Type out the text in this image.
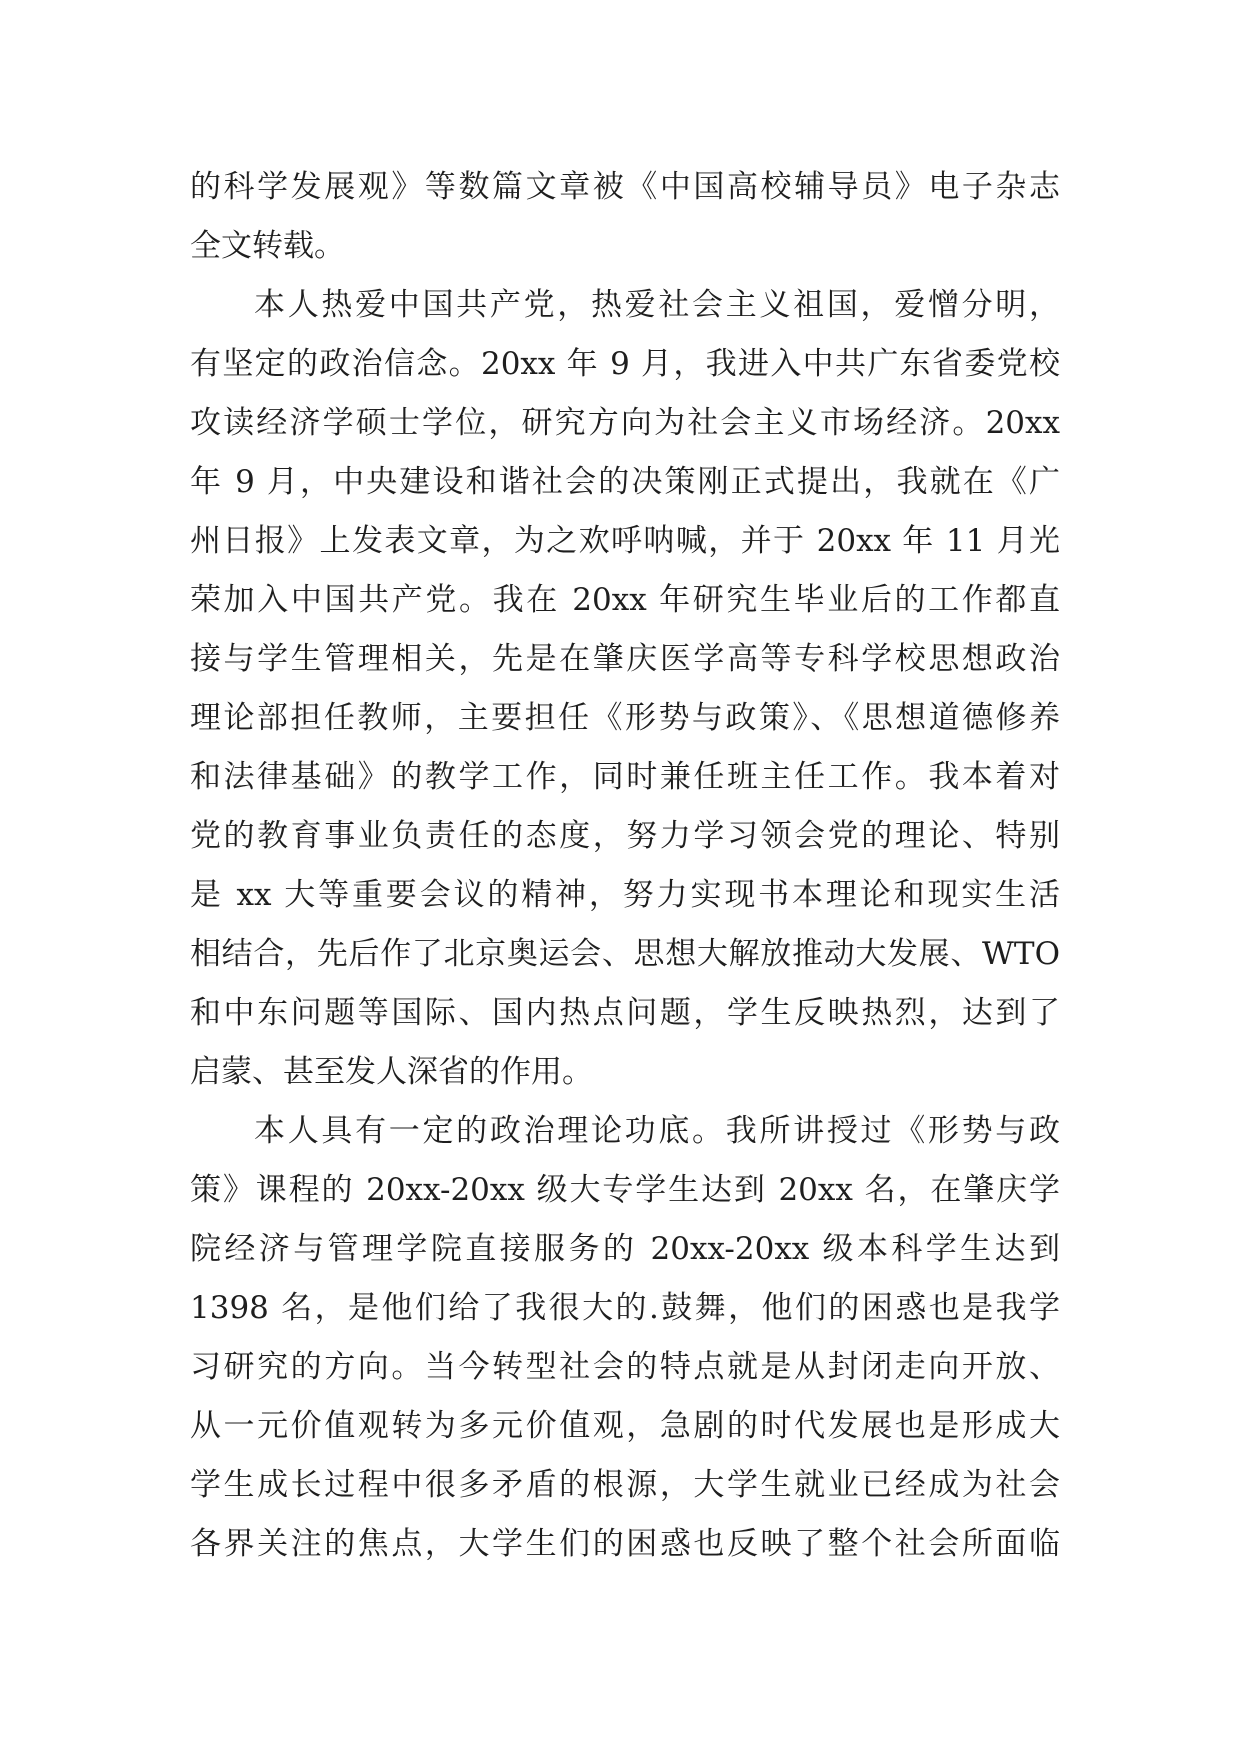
的科学发展观》等数篇文章被《中国高校辅导员》电子杂志
全文转载。
本人热爱中国共产党，热爱社会主义祖国，爱憎分明，
有坚定的政治信念。20xx 年 9 月，我进入中共广东省委党校
攻读经济学硕士学位，研究方向为社会主义市场经济。20xx
年 9 月，中央建设和谐社会的决策刚正式提出，我就在《广
州日报》上发表文章，为之欢呼呐喊，并于 20xx 年 11 月光
荣加入中国共产党。我在 20xx 年研究生毕业后的工作都直
接与学生管理相关，先是在肇庆医学高等专科学校思想政治
理论部担任教师，主要担任《形势与政策》、《思想道德修养
和法律基础》的教学工作，同时兼任班主任工作。我本着对
党的教育事业负责任的态度，努力学习领会党的理论、特别
是 xx 大等重要会议的精神，努力实现书本理论和现实生活
相结合，先后作了北京奥运会、思想大解放推动大发展、WTO
和中东问题等国际、国内热点问题，学生反映热烈，达到了
启蒙、甚至发人深省的作用。
本人具有一定的政治理论功底。我所讲授过《形势与政
策》课程的 20xx-20xx 级大专学生达到 20xx 名，在肇庆学
院经济与管理学院直接服务的 20xx-20xx 级本科学生达到
1398 名，是他们给了我很大的.鼓舞，他们的困惑也是我学
习研究的方向。当今转型社会的特点就是从封闭走向开放、
从一元价值观转为多元价值观，急剧的时代发展也是形成大
学生成长过程中很多矛盾的根源，大学生就业已经成为社会
各界关注的焦点，大学生们的困惑也反映了整个社会所面临
